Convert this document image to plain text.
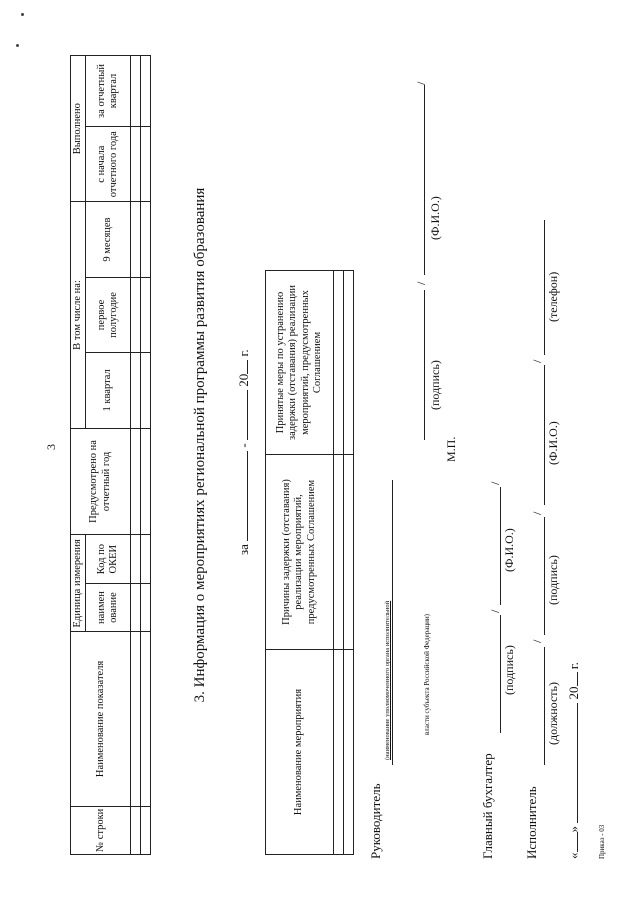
3
№ строки	Наименование показателя	Единица измерения		Предусмотрено на отчетный год	В том числе на:			Выполнено	
		наимен ование	Код по ОКЕИ		1 квартал	первое полугодие	9 месяцев	с начала отчетного года	за отчетный квартал

3. Информация о мероприятиях региональной программы развития образования за  -  20 г.
Наименование мероприятия	Причины задержки (отставания) реализации мероприятий, предусмотренных Соглашением	Принятые меры по устранению задержки (отставания) реализации мероприятий, предусмотренных Соглашением

Руководитель
(наименование уполномоченного органа исполнительной	власти субъекта Российской Федерации)
(подпись)
/
(Ф.И.О.)
/
М.П.
Главный бухгалтер
(подпись)
/
(Ф.И.О.)
/
Исполнитель
(должность)
/
(подпись)
/
(Ф.И.О.)
/
(телефон)
«»  20 г.
Приказ - 03
